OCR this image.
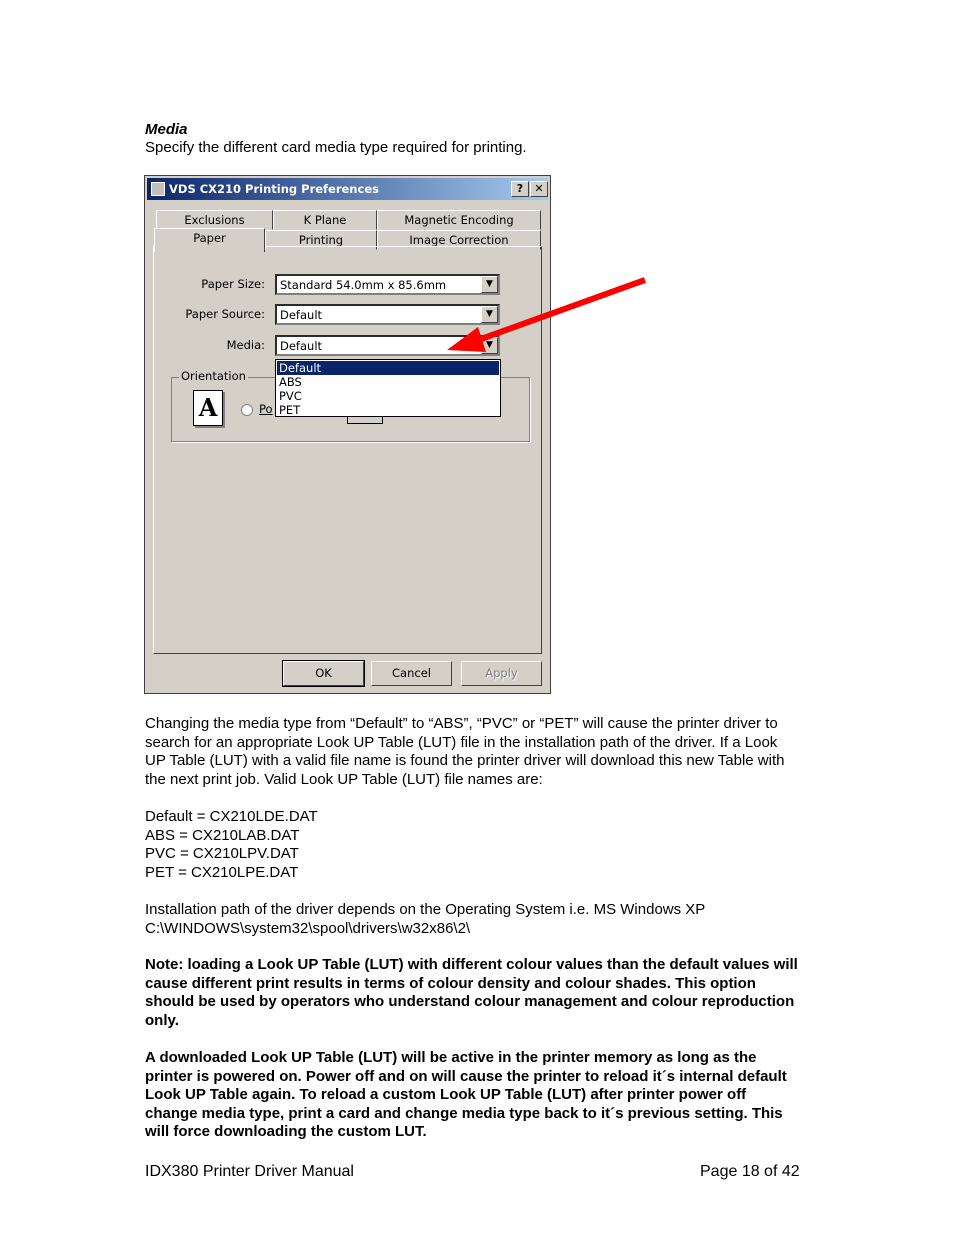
Media
Specify the different card media type required for printing.
VDS CX210 Printing Preferences	?	✕
Exclusions	K Plane	Magnetic Encoding
Paper	Printing	Image Correction
Paper Size: Standard 54.0mm x 85.6mm	▼
Paper Source: Default	▼
Media: Default	▼
Orientation
A	Po
Default
ABS
PVC
PET
OK	Cancel	Apply
Changing the media type from “Default” to “ABS”, “PVC” or “PET” will cause the printer driver to
search for an appropriate Look UP Table (LUT) file in the installation path of the driver. If a Look
UP Table (LUT) with a valid file name is found the printer driver will download this new Table with
the next print job. Valid Look UP Table (LUT) file names are:
Default = CX210LDE.DAT
ABS = CX210LAB.DAT
PVC = CX210LPV.DAT
PET = CX210LPE.DAT
Installation path of the driver depends on the Operating System i.e. MS Windows XP
C:\WINDOWS\system32\spool\drivers\w32x86\2\
Note: loading a Look UP Table (LUT) with different colour values than the default values will
cause different print results in terms of colour density and colour shades. This option
should be used by operators who understand colour management and colour reproduction
only.
A downloaded Look UP Table (LUT) will be active in the printer memory as long as the
printer is powered on. Power off and on will cause the printer to reload it´s internal default
Look UP Table again. To reload a custom Look UP Table (LUT) after printer power off
change media type, print a card and change media type back to it´s previous setting. This
will force downloading the custom LUT.
IDX380 Printer Driver Manual	Page 18 of 42
